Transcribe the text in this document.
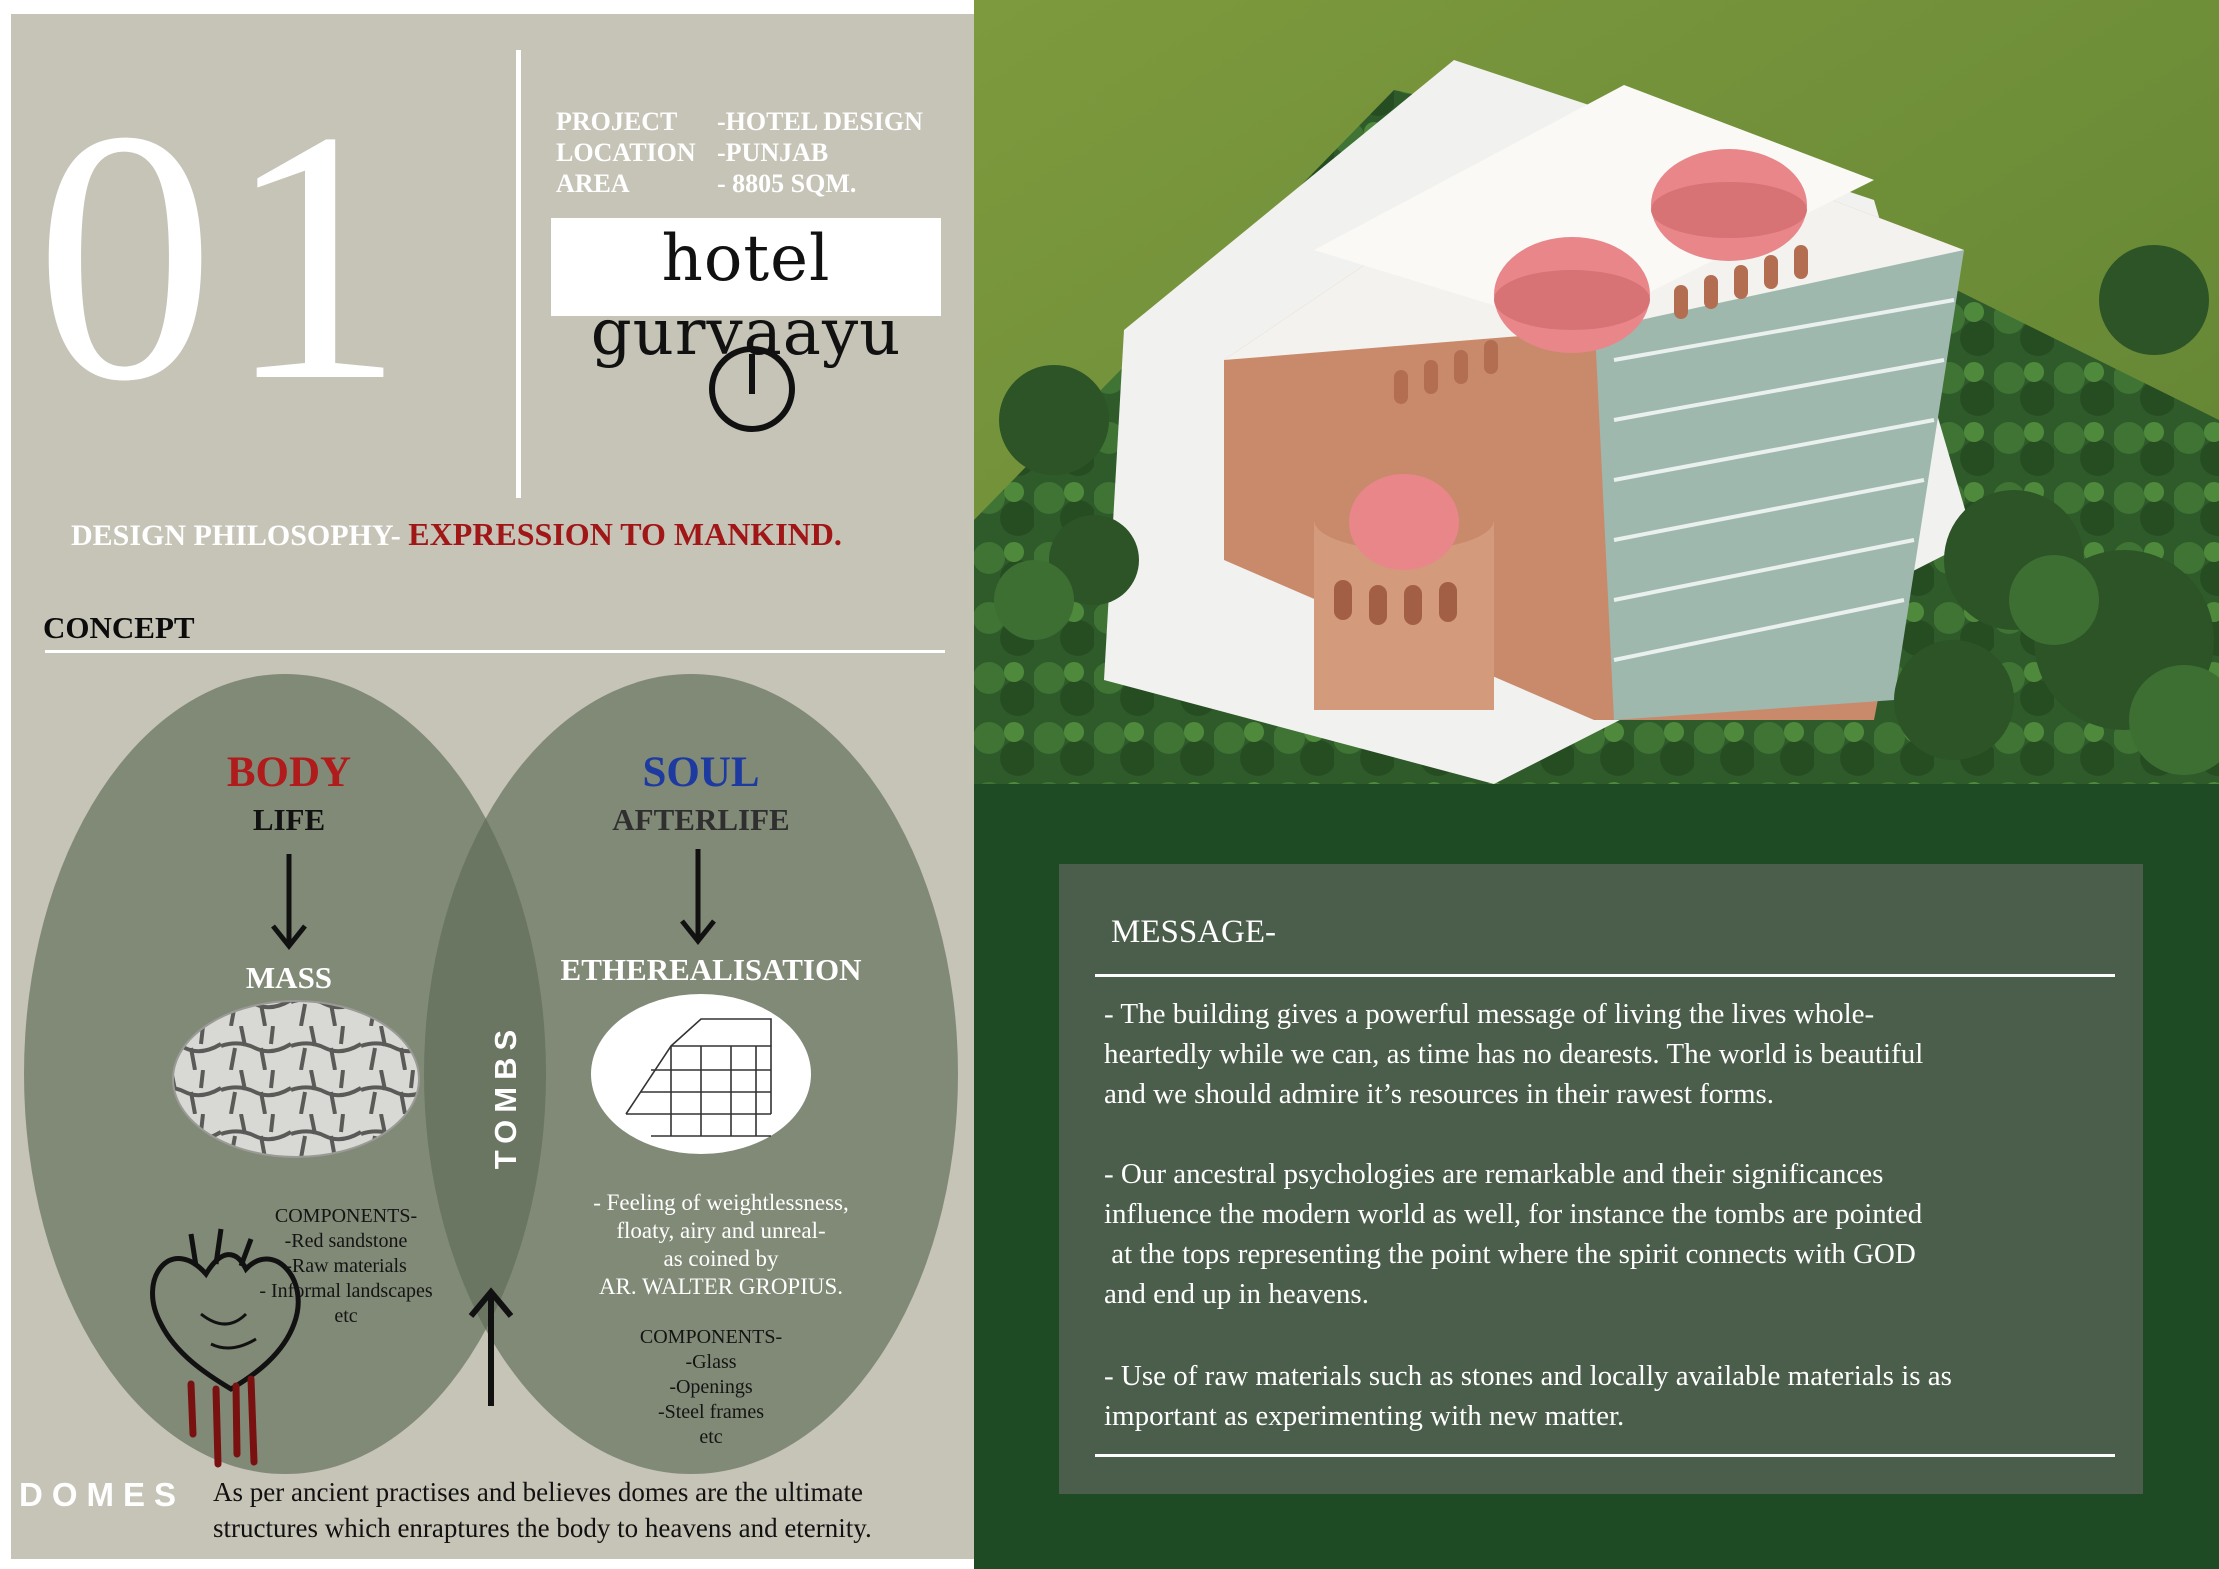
01	PROJECT -HOTEL DESIGN
LOCATION -PUNJAB
AREA	- 8805 SQM.
hotel gurvaayu
DESIGN PHILOSOPHY- EXPRESSION TO MANKIND.
CONCEPT
BODY
LIFE
MASS
SOUL
AFTERLIFE
ETHEREALISATION
TOMBS
COMPONENTS-
-Red sandstone
-Raw materials
- Informal landscapes
etc
- Feeling of weightlessness,
floaty, airy and unreal-
as coined by
AR. WALTER GROPIUS.
COMPONENTS-
-Glass
-Openings
-Steel frames
etc
DOMES As per ancient practises and believes domes are the ultimate
structures which enraptures the body to heavens and eternity.
MESSAGE-
- The building gives a powerful message of living the lives whole-
heartedly while we can, as time has no dearests. The world is beautiful
and we should admire it’s resources in their rawest forms.
- Our ancestral psychologies are remarkable and their significances
influence the modern world as well, for instance the tombs are pointed
at the tops representing the point where the spirit connects with GOD
and end up in heavens.
- Use of raw materials such as stones and locally available materials is as
important as experimenting with new matter.
